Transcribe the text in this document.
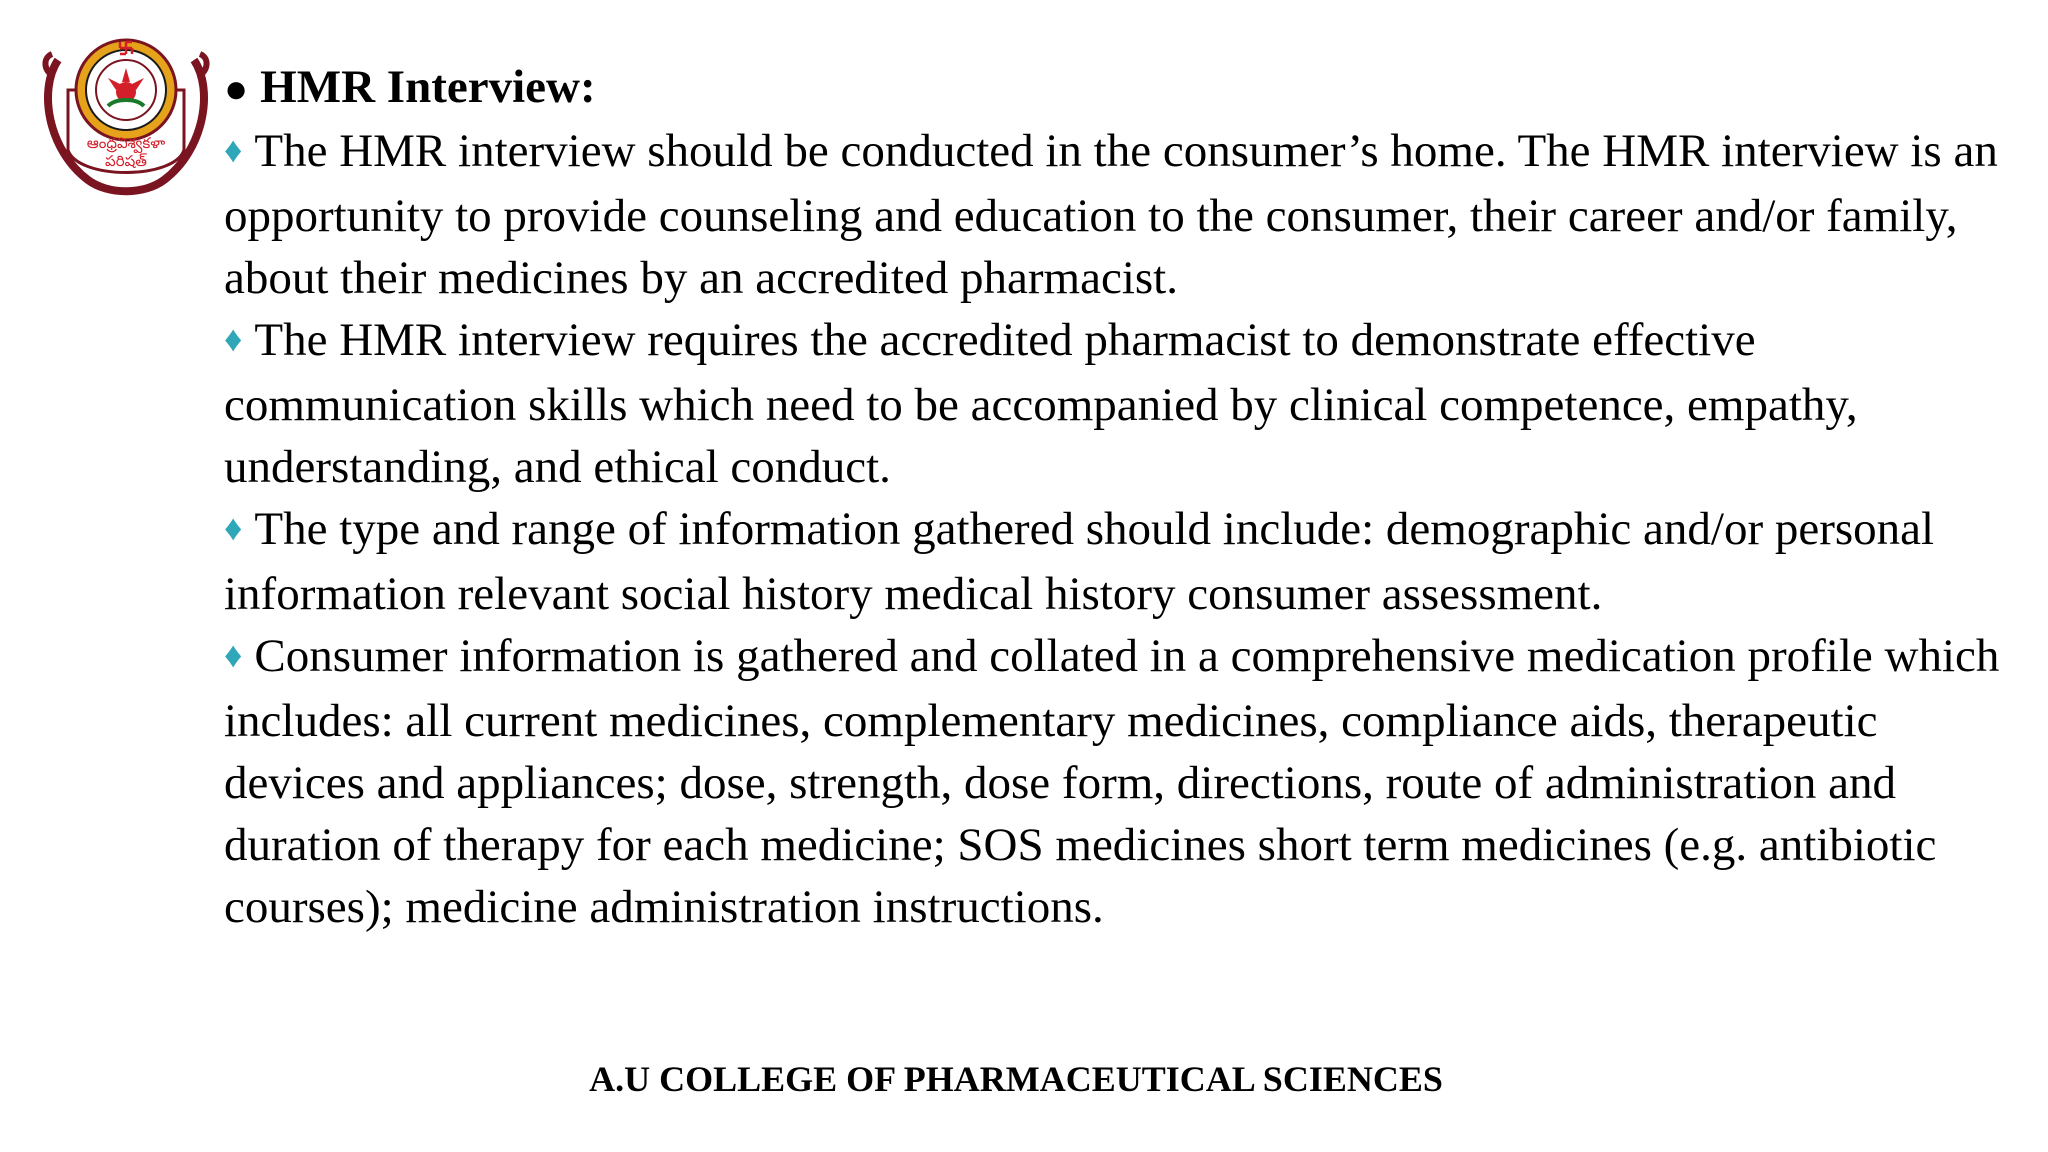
ఆంధ్రవిశ్వకళా
పరిషత్

● HMR Interview:

♦ The HMR interview should be conducted in the consumer’s home. The HMR interview is an opportunity to provide counseling and education to the consumer, their career and/or family, about their medicines by an accredited pharmacist.

♦ The HMR interview requires the accredited pharmacist to demonstrate effective communication skills which need to be accompanied by clinical competence, empathy, understanding, and ethical conduct.

♦ The type and range of information gathered should include: demographic and/or personal information relevant social history medical history consumer assessment.

♦ Consumer information is gathered and collated in a comprehensive medication profile which includes: all current medicines, complementary medicines, compliance aids, therapeutic devices and appliances; dose, strength, dose form, directions, route of administration and duration of therapy for each medicine; SOS medicines short term medicines (e.g. antibiotic courses); medicine administration instructions.

A.U COLLEGE OF PHARMACEUTICAL SCIENCES
